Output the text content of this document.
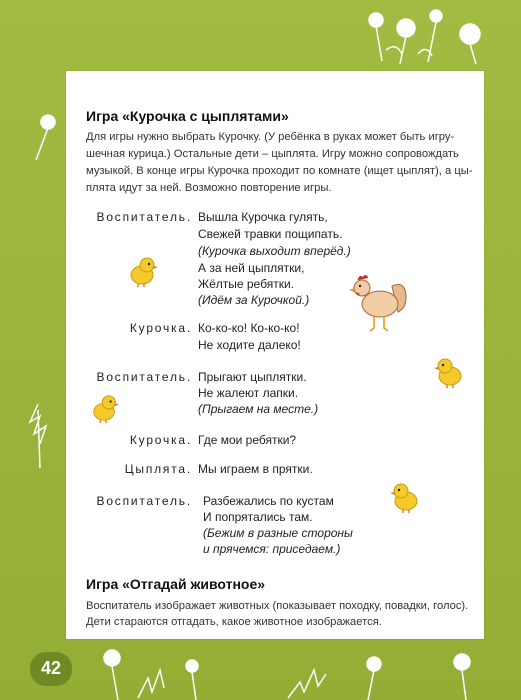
Игра «Курочка с цыплятами»
Для игры нужно выбрать Курочку. (У ребёнка в руках может быть игру-
шечная курица.) Остальные дети – цыплята. Игру можно сопровождать
музыкой. В конце игры Курочка проходит по комнате (ищет цыплят), а цы-
плята идут за ней. Возможно повторение игры.
Воспитатель. Вышла Курочка гулять,
Свежей травки пощипать.
(Курочка выходит вперёд.)
А за ней цыплятки,
Жёлтые ребятки.
(Идём за Курочкой.)
Курочка. Ко-ко-ко! Ко-ко-ко!
Не ходите далеко!
Воспитатель. Прыгают цыплятки.
Не жалеют лапки.
(Прыгаем на месте.)
Курочка. Где мои ребятки?
Цыплята. Мы играем в прятки.
Воспитатель. Разбежались по кустам
И попрятались там.
(Бежим в разные стороны
и прячемся: приседаем.)
Игра «Отгадай животное»
Воспитатель изображает животных (показывает походку, повадки, голос).
Дети стараются отгадать, какое животное изображается.
42
